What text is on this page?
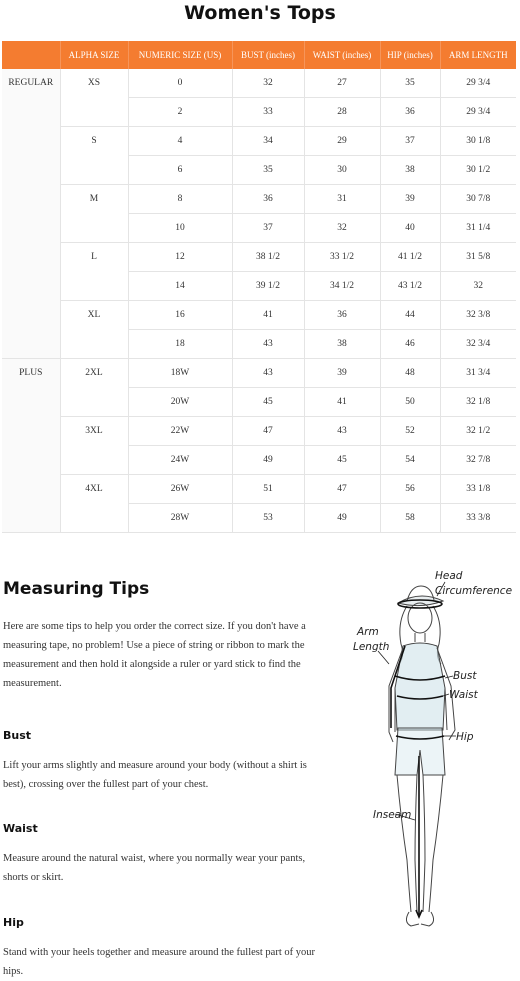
Women's Tops
	ALPHA SIZE	NUMERIC SIZE (US)	BUST (inches)	WAIST (inches)	HIP (inches)	ARM LENGTH
REGULAR	XS	0	32	27	35	29 3/4
		2	33	28	36	29 3/4
	S	4	34	29	37	30 1/8
		6	35	30	38	30 1/2
	M	8	36	31	39	30 7/8
		10	37	32	40	31 1/4
	L	12	38 1/2	33 1/2	41 1/2	31 5/8
		14	39 1/2	34 1/2	43 1/2	32
	XL	16	41	36	44	32 3/8
		18	43	38	46	32 3/4
PLUS	2XL	18W	43	39	48	31 3/4
		20W	45	41	50	32 1/8
	3XL	22W	47	43	52	32 1/2
		24W	49	45	54	32 7/8
	4XL	26W	51	47	56	33 1/8
		28W	53	49	58	33 3/8
Measuring Tips

Here are some tips to help you order the correct size. If you don't have a measuring tape, no problem! Use a piece of string or ribbon to mark the measurement and then hold it alongside a ruler or yard stick to find the measurement.

Bust

Lift your arms slightly and measure around your body (without a shirt is best), crossing over the fullest part of your chest.

Waist

Measure around the natural waist, where you normally wear your pants, shorts or skirt.

Hip

Stand with your heels together and measure around the fullest part of your hips.

Head
Circumference
Arm
Length
Bust
Waist
Hip
Inseam
